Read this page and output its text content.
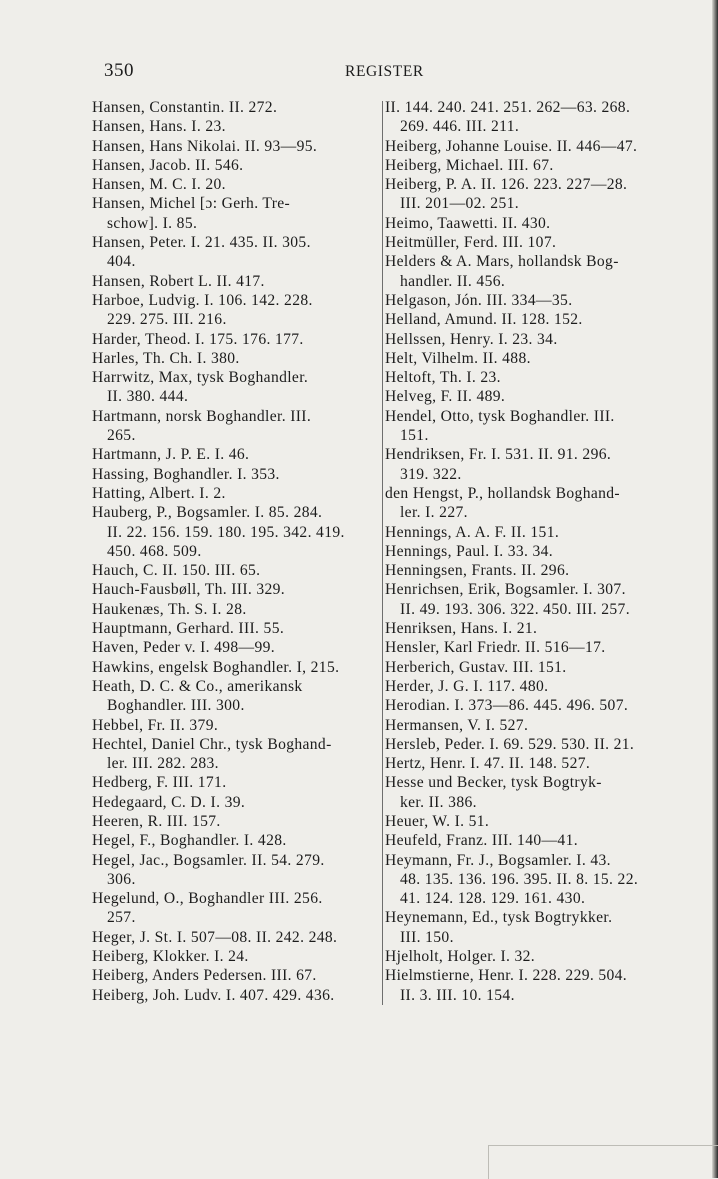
350	REGISTER
Hansen, Constantin. II. 272.
Hansen, Hans. I. 23.
Hansen, Hans Nikolai. II. 93—95.
Hansen, Jacob. II. 546.
Hansen, M. C. I. 20.
Hansen, Michel [ɔ: Gerh. Tre-
schow]. I. 85.
Hansen, Peter. I. 21. 435. II. 305.
404.
Hansen, Robert L. II. 417.
Harboe, Ludvig. I. 106. 142. 228.
229. 275. III. 216.
Harder, Theod. I. 175. 176. 177.
Harles, Th. Ch. I. 380.
Harrwitz, Max, tysk Boghandler.
II. 380. 444.
Hartmann, norsk Boghandler. III.
265.
Hartmann, J. P. E. I. 46.
Hassing, Boghandler. I. 353.
Hatting, Albert. I. 2.
Hauberg, P., Bogsamler. I. 85. 284.
II. 22. 156. 159. 180. 195. 342. 419.
450. 468. 509.
Hauch, C. II. 150. III. 65.
Hauch-Fausbøll, Th. III. 329.
Haukenæs, Th. S. I. 28.
Hauptmann, Gerhard. III. 55.
Haven, Peder v. I. 498—99.
Hawkins, engelsk Boghandler. I, 215.
Heath, D. C. & Co., amerikansk
Boghandler. III. 300.
Hebbel, Fr. II. 379.
Hechtel, Daniel Chr., tysk Boghand-
ler. III. 282. 283.
Hedberg, F. III. 171.
Hedegaard, C. D. I. 39.
Heeren, R. III. 157.
Hegel, F., Boghandler. I. 428.
Hegel, Jac., Bogsamler. II. 54. 279.
306.
Hegelund, O., Boghandler III. 256.
257.
Heger, J. St. I. 507—08. II. 242. 248.
Heiberg, Klokker. I. 24.
Heiberg, Anders Pedersen. III. 67.
Heiberg, Joh. Ludv. I. 407. 429. 436.
II. 144. 240. 241. 251. 262—63. 268.
269. 446. III. 211.
Heiberg, Johanne Louise. II. 446—47.
Heiberg, Michael. III. 67.
Heiberg, P. A. II. 126. 223. 227—28.
III. 201—02. 251.
Heimo, Taawetti. II. 430.
Heitmüller, Ferd. III. 107.
Helders & A. Mars, hollandsk Bog-
handler. II. 456.
Helgason, Jón. III. 334—35.
Helland, Amund. II. 128. 152.
Hellssen, Henry. I. 23. 34.
Helt, Vilhelm. II. 488.
Heltoft, Th. I. 23.
Helveg, F. II. 489.
Hendel, Otto, tysk Boghandler. III.
151.
Hendriksen, Fr. I. 531. II. 91. 296.
319. 322.
den Hengst, P., hollandsk Boghand-
ler. I. 227.
Hennings, A. A. F. II. 151.
Hennings, Paul. I. 33. 34.
Henningsen, Frants. II. 296.
Henrichsen, Erik, Bogsamler. I. 307.
II. 49. 193. 306. 322. 450. III. 257.
Henriksen, Hans. I. 21.
Hensler, Karl Friedr. II. 516—17.
Herberich, Gustav. III. 151.
Herder, J. G. I. 117. 480.
Herodian. I. 373—86. 445. 496. 507.
Hermansen, V. I. 527.
Hersleb, Peder. I. 69. 529. 530. II. 21.
Hertz, Henr. I. 47. II. 148. 527.
Hesse und Becker, tysk Bogtryk-
ker. II. 386.
Heuer, W. I. 51.
Heufeld, Franz. III. 140—41.
Heymann, Fr. J., Bogsamler. I. 43.
48. 135. 136. 196. 395. II. 8. 15. 22.
41. 124. 128. 129. 161. 430.
Heynemann, Ed., tysk Bogtrykker.
III. 150.
Hjelholt, Holger. I. 32.
Hielmstierne, Henr. I. 228. 229. 504.
II. 3. III. 10. 154.
